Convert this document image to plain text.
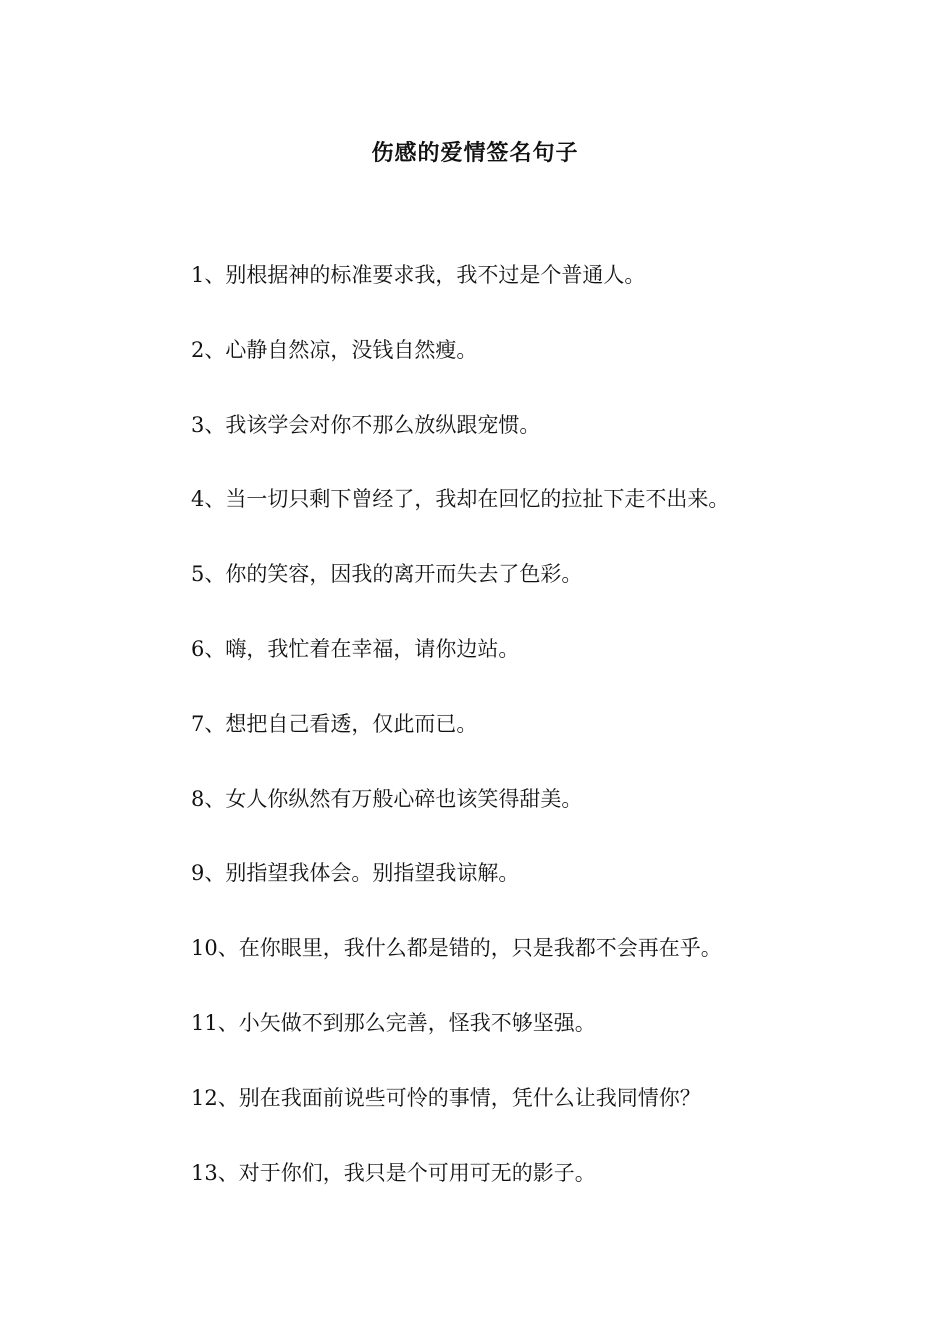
伤感的爱情签名句子
1、别根据神的标准要求我，我不过是个普通人。
2、心静自然凉，没钱自然瘦。
3、我该学会对你不那么放纵跟宠惯。
4、当一切只剩下曾经了，我却在回忆的拉扯下走不出来。
5、你的笑容，因我的离开而失去了色彩。
6、嗨，我忙着在幸福，请你边站。
7、想把自己看透，仅此而已。
8、女人你纵然有万般心碎也该笑得甜美。
9、别指望我体会。别指望我谅解。
10、在你眼里，我什么都是错的，只是我都不会再在乎。
11、小矢做不到那么完善，怪我不够坚强。
12、别在我面前说些可怜的事情，凭什么让我同情你？
13、对于你们，我只是个可用可无的影子。
